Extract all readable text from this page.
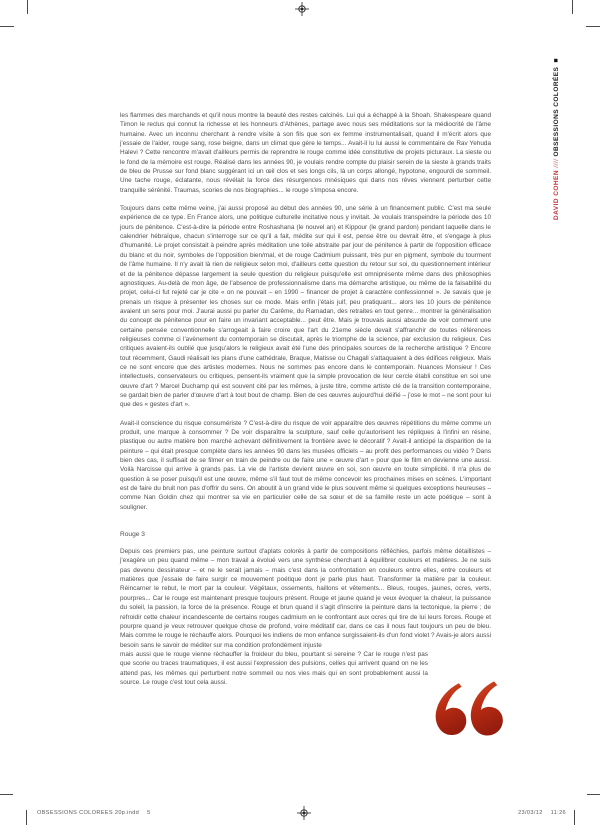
DAVID COHEN //// OBSESSIONS COLORÉES■

les flammes des marchands et qu'il nous montre la beauté des restes calcinés. Lui qui a échappé à la Shoah. Shakespeare quand Timon le reclus qui connut la richesse et les honneurs d'Athènes, partage avec nous ses méditations sur la médiocrité de l'âme humaine. Avec un inconnu cherchant à rendre visite à son fils que son ex femme instrumentalisait, quand il m'écrit alors que j'essaie de l'aider, rouge sang, rose beigne, dans un climat que gère le temps... Avait-il lu lui aussi le commentaire de Rav Yehuda Halevi ? Cette rencontre m'avait d'ailleurs permis de reprendre le rouge comme idée constitutive de projets picturaux. La sieste ou le fond de la mémoire est rouge. Réalisé dans les années 90, je voulais rendre compte du plaisir serein de la sieste à grands traits de bleu de Prusse sur fond blanc suggérant ici un œil clos et ses longs cils, là un corps allongé, hypotone, engourdi de sommeil. Une tache rouge, éclatante, nous révélait la force des résurgences mnésiques qui dans nos rêves viennent perturber cette tranquille sérénité. Traumas, scories de nos biographies... le rouge s'imposa encore.

Toujours dans cette même veine, j'ai aussi proposé au début des années 90, une série à un financement public. C'est ma seule expérience de ce type. En France alors, une politique culturelle incitative nous y invitait. Je voulais transpeindre la période des 10 jours de pénitence. C'est-à-dire la période entre Roshashana (le nouvel an) et Kippour (le grand pardon) pendant laquelle dans le calendrier hébraïque, chacun s'interroge sur ce qu'il a fait, médite sur qui il est, pense être ou devrait être, et s'engage à plus d'humanité. Le projet consistait à peindre après méditation une toile abstraite par jour de pénitence à partir de l'opposition efficace du blanc et du noir, symboles de l'opposition bien/mal, et de rouge Cadmium puissant, très pur en pigment, symbole du tourment de l'âme humaine. Il n'y avait là rien de religieux selon moi, d'ailleurs cette question du retour sur soi, du questionnement intérieur et de la pénitence dépasse largement la seule question du religieux puisqu'elle est omniprésente même dans des philosophies agnostiques. Au-delà de mon âge, de l'absence de professionnalisme dans ma démarche artistique, ou même de la faisabilité du projet, celui-ci fut rejeté car je cite « on ne pouvait – en 1990 – financer de projet à caractère confessionnel ». Je savais que je prenais un risque à présenter les choses sur ce mode. Mais enfin j'étais juif, peu pratiquant... alors les 10 jours de pénitence avaient un sens pour moi. J'aurai aussi pu parler du Carême, du Ramadan, des retraites en tout genre... montrer la généralisation du concept de pénitence pour en faire un invariant acceptable... peut être. Mais je trouvais aussi absurde de voir comment une certaine pensée conventionnelle s'arrogeait à faire croire que l'art du 21eme siècle devait s'affranchir de toutes références religieuses comme ci l'avènement du contemporain se discutait, après le triomphe de la science, par exclusion du religieux. Ces critiques avaient-ils oublié que jusqu'alors le religieux avait été l'une des principales sources de la recherche artistique ? Encore tout récemment, Gaudi réalisait les plans d'une cathédrale, Braque, Matisse ou Chagall s'attaquaient à des édifices religieux. Mais ce ne sont encore que des artistes modernes. Nous ne sommes pas encore dans le contemporain. Nuances Monsieur ! Ces intellectuels, conservateurs ou critiques, pensent-ils vraiment que la simple provocation de leur cercle établi constitue en soi une œuvre d'art ? Marcel Duchamp qui est souvent cité par les mêmes, à juste titre, comme artiste clé de la transition contemporaine, se gardait bien de parler d'œuvre d'art à tout bout de champ. Bien de ces œuvres aujourd'hui déifié – j'ose le mot – ne sont pour lui que des « gestes d'art ».

Avait-il conscience du risque consumériste ? C'est-à-dire du risque de voir apparaître des œuvres répétitions du même comme un produit, une marque à consommer ? De voir disparaître la sculpture, sauf celle qu'autorisent les répliques à l'infini en résine, plastique ou autre matière bon marché achevant définitivement la frontière avec le décoratif ? Avait-il anticipé la disparition de la peinture – qui était presque complète dans les années 90 dans les musées officiels – au profit des performances ou vidéo ? Dans bien des cas, il suffisait de se filmer en train de peindre ou de faire une « œuvre d'art » pour que le film en devienne une aussi. Voilà Narcisse qui arrive à grands pas. La vie de l'artiste devient œuvre en soi, son œuvre en toute simplicité. Il n'a plus de question à se poser puisqu'il est une œuvre, même s'il faut tout de même concevoir les prochaines mises en scènes. L'important est de faire du bruit non pas d'offrir du sens. On aboutit à un grand vide le plus souvent même si quelques exceptions heureuses – comme Nan Goldin chez qui montrer sa vie en particulier celle de sa sœur et de sa famille reste un acte poétique – sont à souligner.

Rouge 3

Depuis ces premiers pas, une peinture surtout d'aplats colorés à partir de compositions réfléchies, parfois même détaillistes – j'exagère un peu quand même – mon travail a évolué vers une synthèse cherchant à équilibrer couleurs et matières. Je ne suis pas devenu dessinateur – et ne le serait jamais – mais c'est dans la confrontation en couleurs entre elles, entre couleurs et matières que j'essaie de faire surgir ce mouvement poétique dont je parle plus haut. Transformer la matière par la couleur. Réincarner le rebut, le mort par la couleur. Végétaux, ossements, haillons et vêtements... Bleus, rouges, jaunes, ocres, verts, pourpres... Car le rouge est maintenant presque toujours présent. Rouge et jaune quand je veux évoquer la chaleur, la puissance du soleil, la passion, la force de la présence. Rouge et brun quand il s'agit d'inscrire la peinture dans la tectonique, la pierre ; de refroidir cette chaleur incandescente de certains rouges cadmium en le confrontant aux ocres qui tire de lui leurs forces. Rouge et pourpre quand je veux retrouver quelque chose de profond, voire méditatif car, dans ce cas il nous faut toujours un peu de bleu. Mais comme le rouge le réchauffe alors. Pourquoi les indiens de mon enfance surgissaient-ils d'un fond violet ? Avais-je alors aussi besoin sans le savoir de méditer sur ma condition profondément injuste

mais aussi que le rouge vienne réchauffer la froideur du bleu, pourtant si sereine ? Car le rouge n'est pas que scorie ou traces traumatiques, il est aussi l'expression des pulsions, celles qui arrivent quand on ne les attend pas, les mêmes qui perturbent notre sommeil ou nos vies mais qui en sont probablement aussi la source. Le rouge c'est tout cela aussi.

OBSESSIONS COLOREES 20p.indd 5	23/03/12 11:26
